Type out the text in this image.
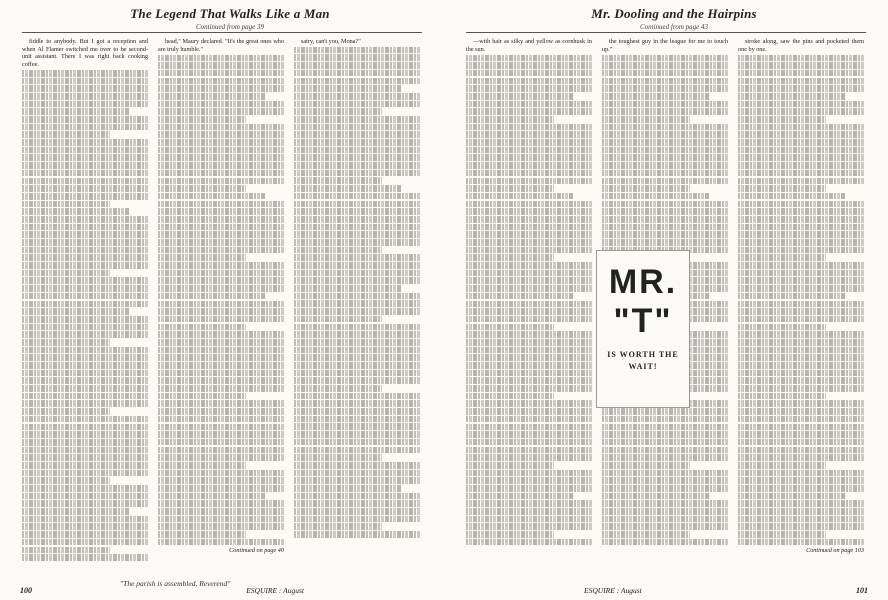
The Legend That Walks Like a Man
Continued from page 39

fiddle to anybody. But I got a reception and when Al Flamer switched me over to be second-unit assistant. There I was right back cooking coffee.

head," Maury declared. "It's the great ones who are truly humble."

Continued on page 40

satry, can't you, Mona?"

"The parish is assembled, Reverend"
100	ESQUIRE : August
Mr. Dooling and the Hairpins
Continued from page 43

—with hair as silky and yellow as cornhusk in the sun.

the toughest guy in the league for me to touch up."

stroke along, saw the pins and pocketed them one by one.

Continued on page 103
MR. "T"
IS WORTH THE WAIT!
101
ESQUIRE : August
